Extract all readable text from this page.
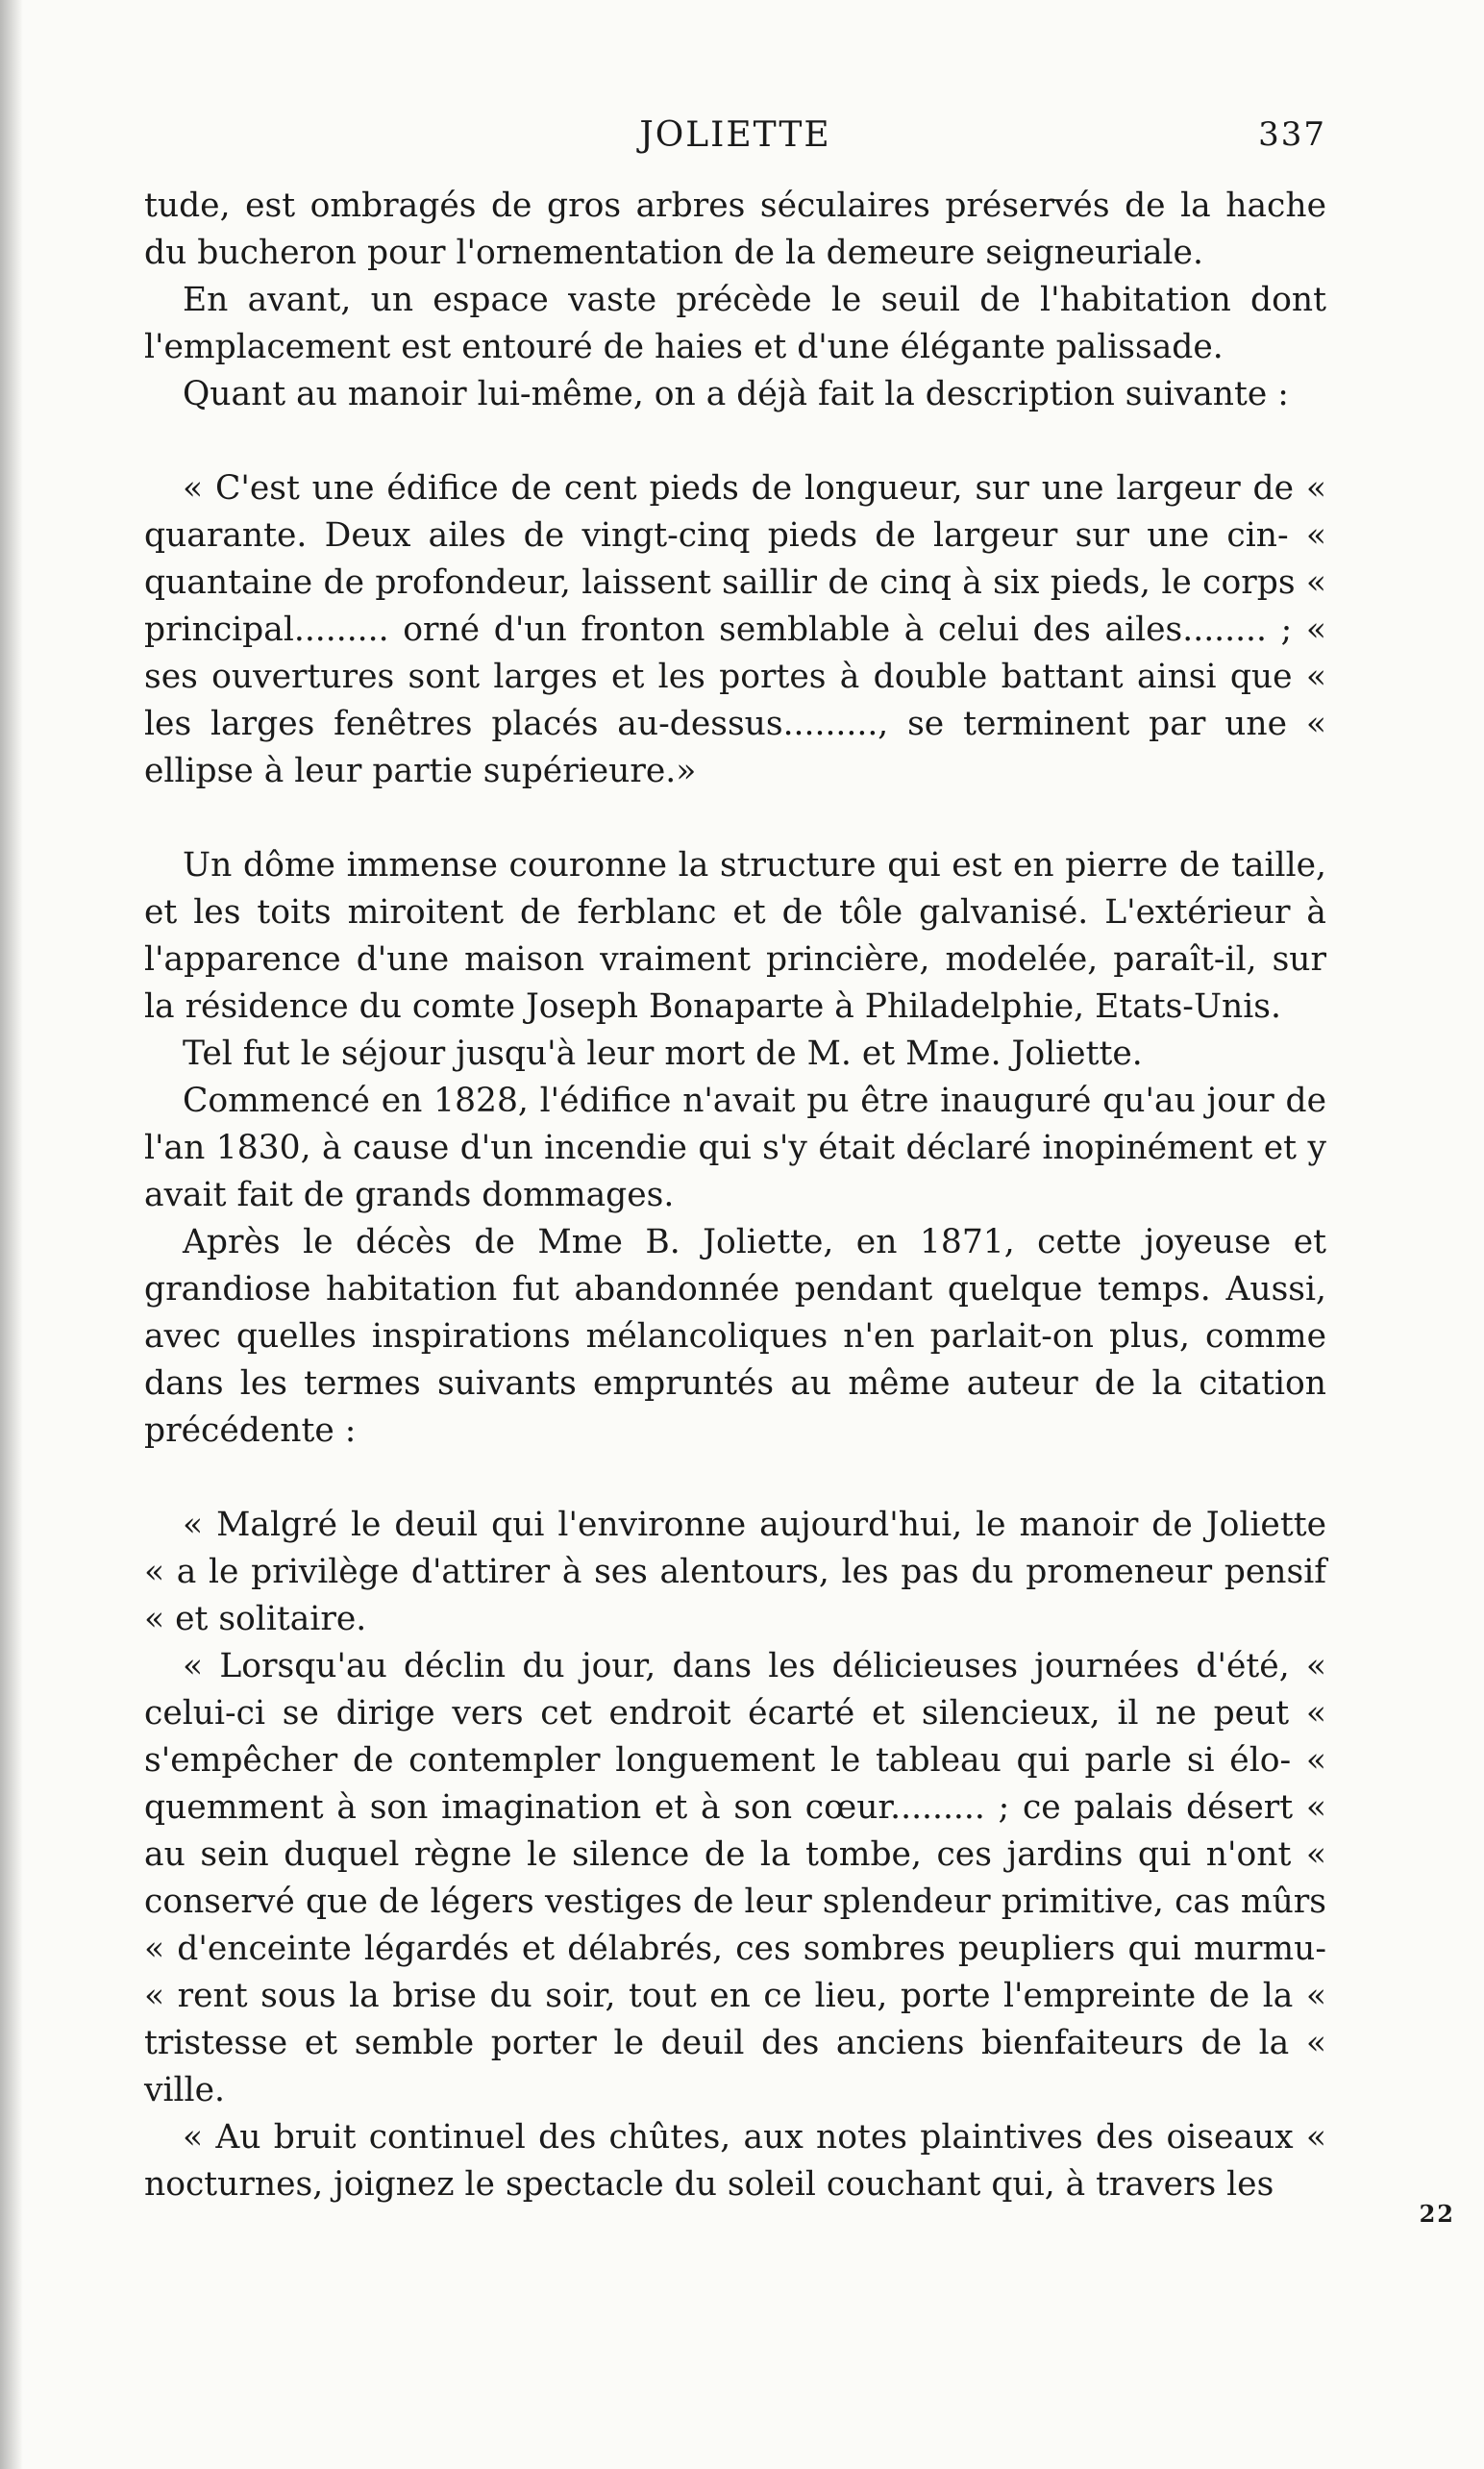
JOLIETTE	337

tude, est ombragés de gros arbres séculaires préservés de la hache du bucheron pour l'ornementation de la demeure seigneuriale.

En avant, un espace vaste précède le seuil de l'habitation dont l'emplacement est entouré de haies et d'une élégante palissade.

Quant au manoir lui-même, on a déjà fait la description suivante :

« C'est une édifice de cent pieds de longueur, sur une largeur de « quarante. Deux ailes de vingt-cinq pieds de largeur sur une cin- « quantaine de profondeur, laissent saillir de cinq à six pieds, le corps « principal......... orné d'un fronton semblable à celui des ailes........ ; « ses ouvertures sont larges et les portes à double battant ainsi que « les larges fenêtres placés au-dessus........., se terminent par une « ellipse à leur partie supérieure.»

Un dôme immense couronne la structure qui est en pierre de taille, et les toits miroitent de ferblanc et de tôle galvanisé. L'extérieur à l'apparence d'une maison vraiment princière, modelée, paraît-il, sur la résidence du comte Joseph Bonaparte à Philadelphie, Etats-Unis.

Tel fut le séjour jusqu'à leur mort de M. et Mme. Joliette.

Commencé en 1828, l'édifice n'avait pu être inauguré qu'au jour de l'an 1830, à cause d'un incendie qui s'y était déclaré inopinément et y avait fait de grands dommages.

Après le décès de Mme B. Joliette, en 1871, cette joyeuse et grandiose habitation fut abandonnée pendant quelque temps. Aussi, avec quelles inspirations mélancoliques n'en parlait-on plus, comme dans les termes suivants empruntés au même auteur de la citation précédente :

« Malgré le deuil qui l'environne aujourd'hui, le manoir de Joliette « a le privilège d'attirer à ses alentours, les pas du promeneur pensif « et solitaire.

« Lorsqu'au déclin du jour, dans les délicieuses journées d'été, « celui-ci se dirige vers cet endroit écarté et silencieux, il ne peut « s'empêcher de contempler longuement le tableau qui parle si élo- « quemment à son imagination et à son cœur......... ; ce palais désert « au sein duquel règne le silence de la tombe, ces jardins qui n'ont « conservé que de légers vestiges de leur splendeur primitive, cas mûrs « d'enceinte légardés et délabrés, ces sombres peupliers qui murmu- « rent sous la brise du soir, tout en ce lieu, porte l'empreinte de la « tristesse et semble porter le deuil des anciens bienfaiteurs de la « ville.

« Au bruit continuel des chûtes, aux notes plaintives des oiseaux « nocturnes, joignez le spectacle du soleil couchant qui, à travers les

22
